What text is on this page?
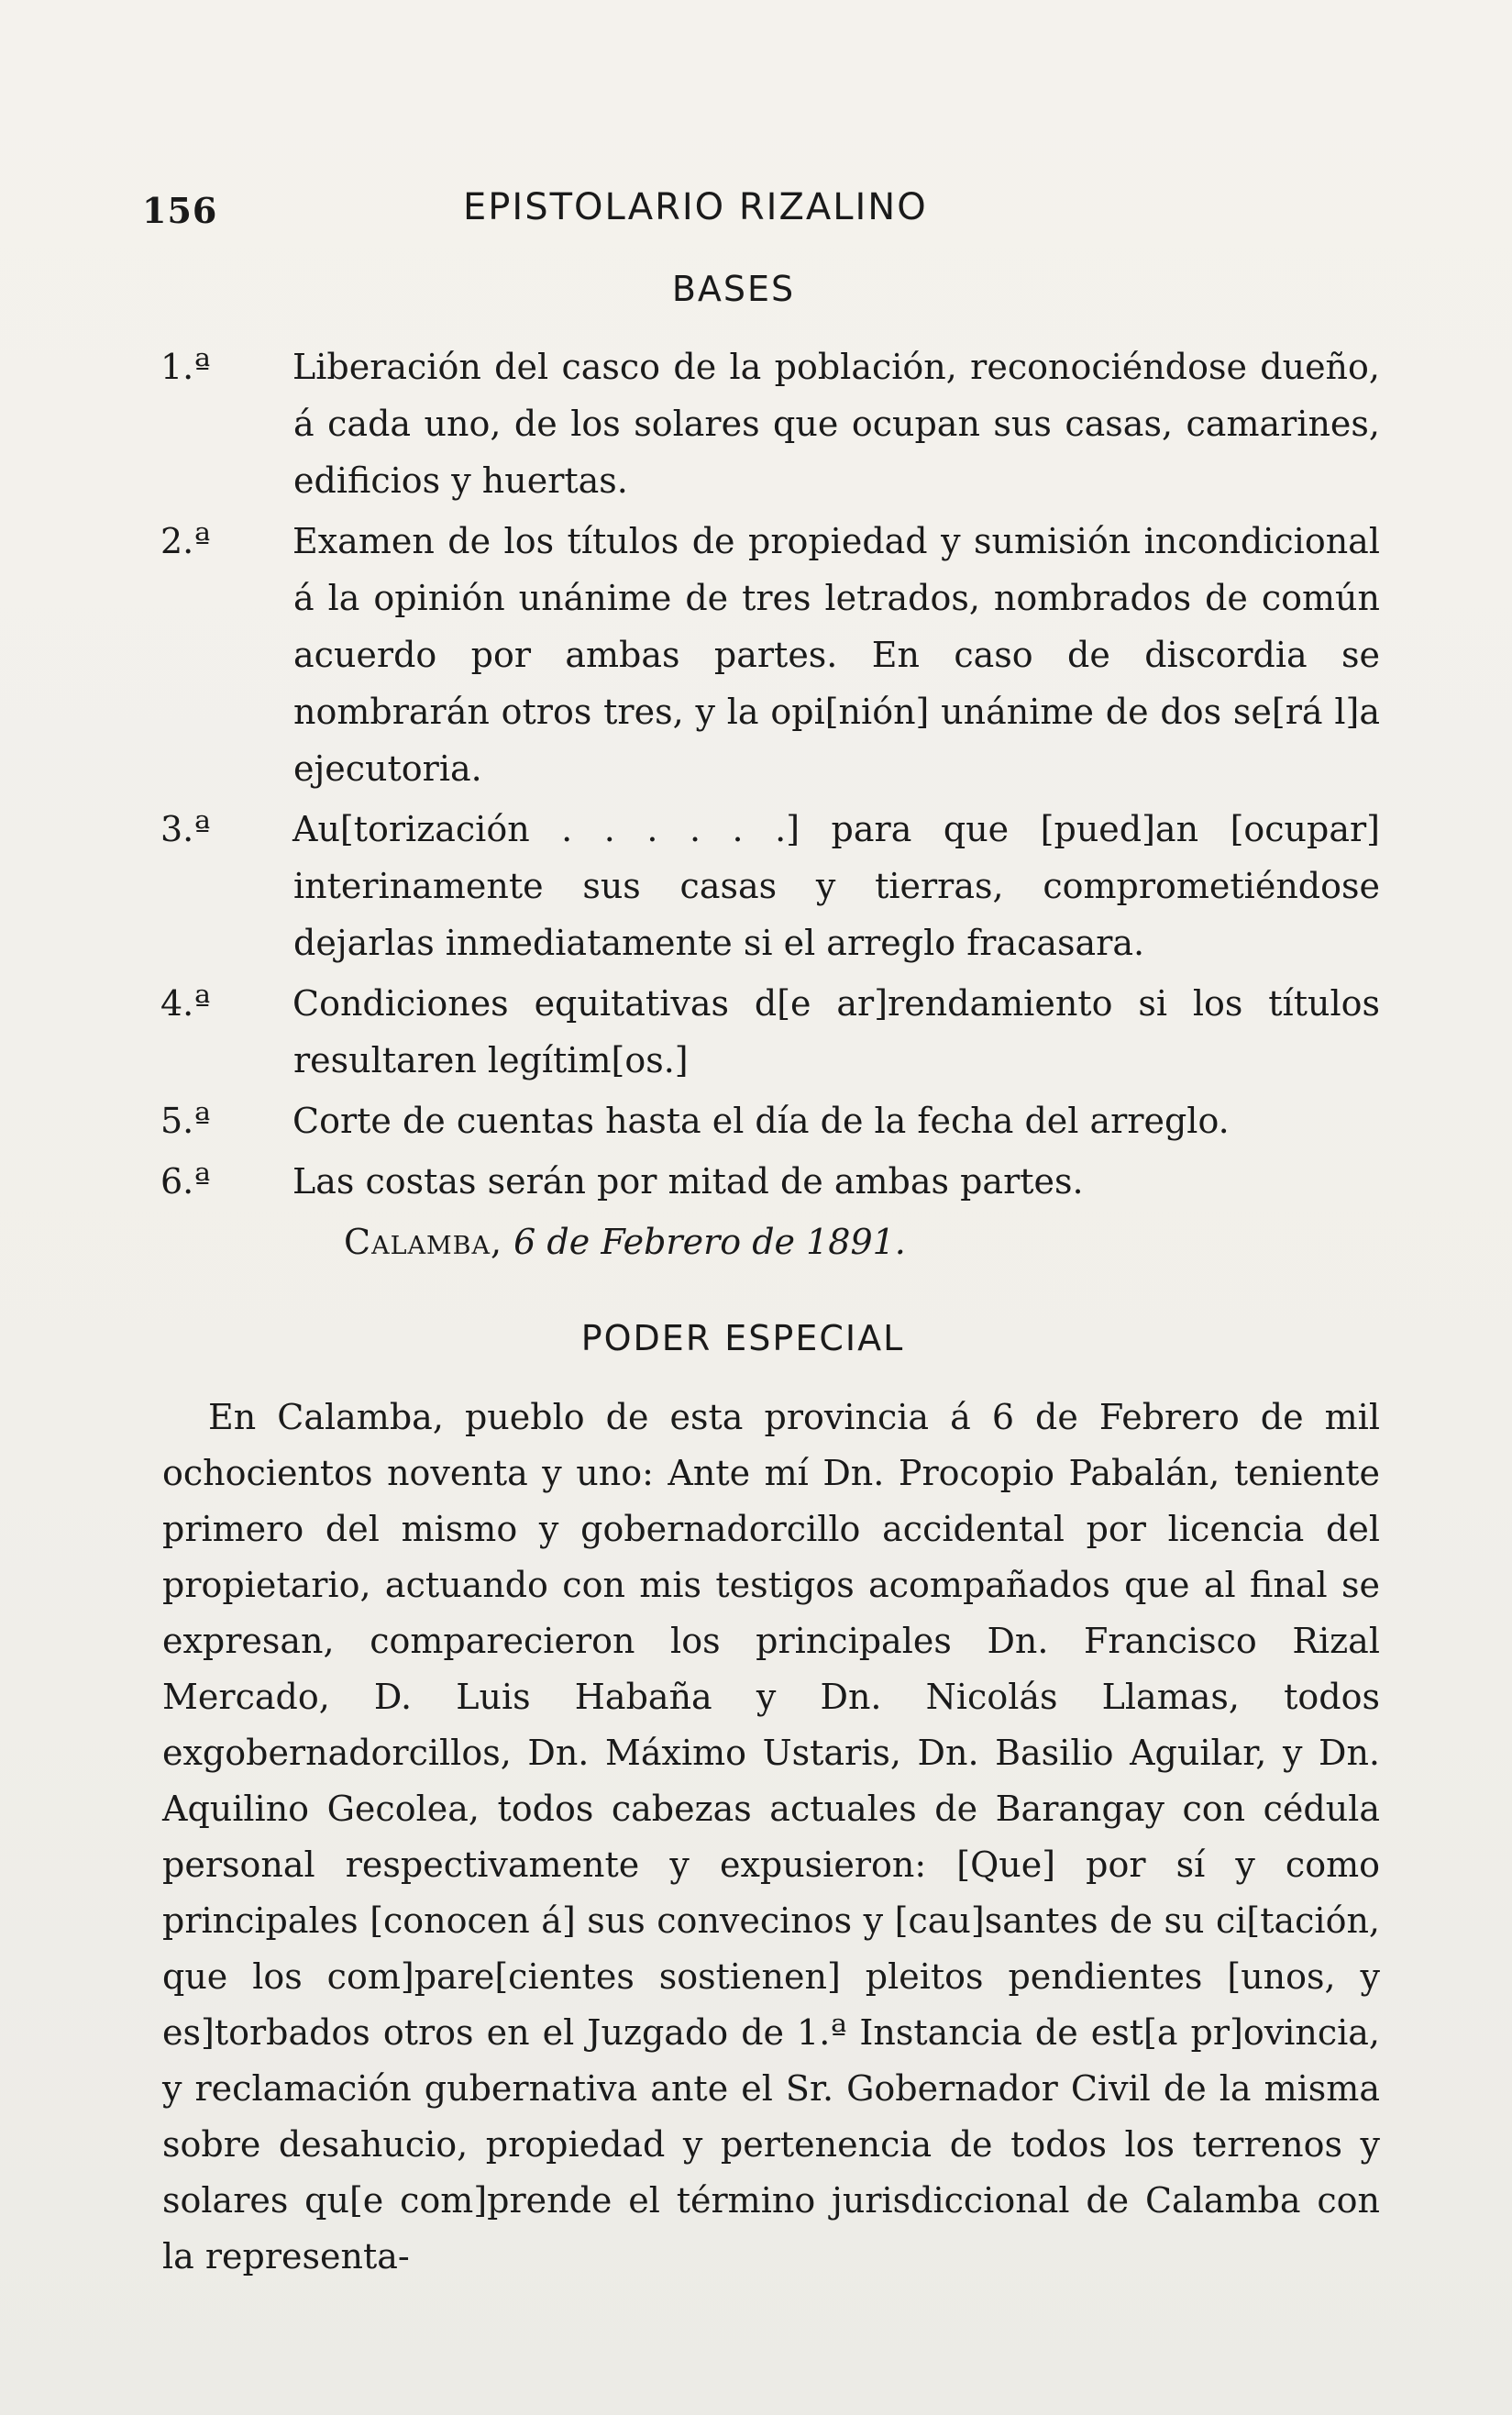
156	EPISTOLARIO RIZALINO
BASES
1.ª	Liberación del casco de la población, reconociéndose dueño, á cada uno, de los solares que ocupan sus casas, camarines, edificios y huertas.
2.ª	Examen de los títulos de propiedad y sumisión incondicional á la opinión unánime de tres letrados, nombrados de común acuerdo por ambas partes. En caso de discordia se nombrarán otros tres, y la opi[nión] unánime de dos se[rá l]a ejecutoria.
3.ª	Au[torización . . . . . .] para que [pued]an [ocupar] interinamente sus casas y tierras, comprometiéndose dejarlas inmediatamente si el arreglo fracasara.
4.ª	Condiciones equitativas d[e ar]rendamiento si los títulos resultaren legítim[os.]
5.ª	Corte de cuentas hasta el día de la fecha del arreglo.
6.ª	Las costas serán por mitad de ambas partes.
Calamba, 6 de Febrero de 1891.
PODER ESPECIAL
En Calamba, pueblo de esta provincia á 6 de Febrero de mil ochocientos noventa y uno: Ante mí Dn. Procopio Pabalán, teniente primero del mismo y gobernadorcillo accidental por licencia del propietario, actuando con mis testigos acompañados que al final se expresan, comparecieron los principales Dn. Francisco Rizal Mercado, D. Luis Habaña y Dn. Nicolás Llamas, todos exgobernadorcillos, Dn. Máximo Ustaris, Dn. Basilio Aguilar, y Dn. Aquilino Gecolea, todos cabezas actuales de Barangay con cédula personal respectivamente y expusieron: [Que] por sí y como principales [conocen á] sus convecinos y [cau]santes de su ci[tación, que los com]pare[cientes sostienen] pleitos pendientes [unos, y es]torbados otros en el Juzgado de 1.ª Instancia de est[a pr]ovincia, y reclamación gubernativa ante el Sr. Gobernador Civil de la misma sobre desahucio, propiedad y pertenencia de todos los terrenos y solares qu[e com]prende el término jurisdiccional de Calamba con la representa-
